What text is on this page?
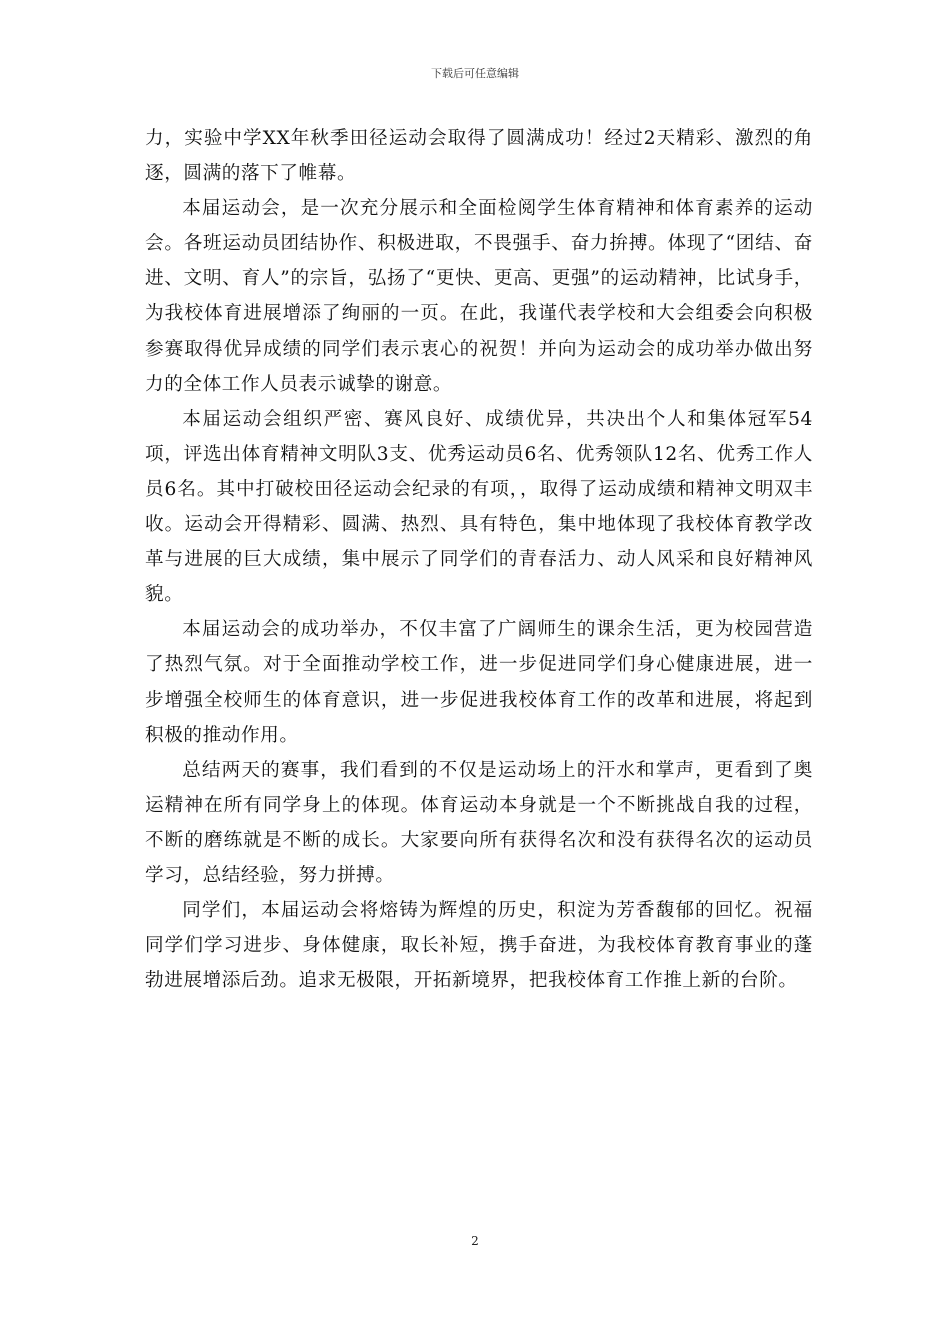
下载后可任意编辑

力，实验中学XX年秋季田径运动会取得了圆满成功！经过2天精彩、激烈的角逐，圆满的落下了帷幕。

本届运动会，是一次充分展示和全面检阅学生体育精神和体育素养的运动会。各班运动员团结协作、积极进取，不畏强手、奋力拚搏。体现了“团结、奋进、文明、育人”的宗旨，弘扬了“更快、更高、更强”的运动精神，比试身手，为我校体育进展增添了绚丽的一页。在此，我谨代表学校和大会组委会向积极参赛取得优异成绩的同学们表示衷心的祝贺！并向为运动会的成功举办做出努力的全体工作人员表示诚挚的谢意。

本届运动会组织严密、赛风良好、成绩优异，共决出个人和集体冠军54项，评选出体育精神文明队3支、优秀运动员6名、优秀领队12名、优秀工作人员6名。其中打破校田径运动会纪录的有项，，取得了运动成绩和精神文明双丰收。运动会开得精彩、圆满、热烈、具有特色，集中地体现了我校体育教学改革与进展的巨大成绩，集中展示了同学们的青春活力、动人风采和良好精神风貌。

本届运动会的成功举办，不仅丰富了广阔师生的课余生活，更为校园营造了热烈气氛。对于全面推动学校工作，进一步促进同学们身心健康进展，进一步增强全校师生的体育意识，进一步促进我校体育工作的改革和进展，将起到积极的推动作用。

总结两天的赛事，我们看到的不仅是运动场上的汗水和掌声，更看到了奥运精神在所有同学身上的体现。体育运动本身就是一个不断挑战自我的过程，不断的磨练就是不断的成长。大家要向所有获得名次和没有获得名次的运动员学习，总结经验，努力拼搏。

同学们，本届运动会将熔铸为辉煌的历史，积淀为芳香馥郁的回忆。祝福同学们学习进步、身体健康，取长补短，携手奋进，为我校体育教育事业的蓬勃进展增添后劲。追求无极限，开拓新境界，把我校体育工作推上新的台阶。

2
